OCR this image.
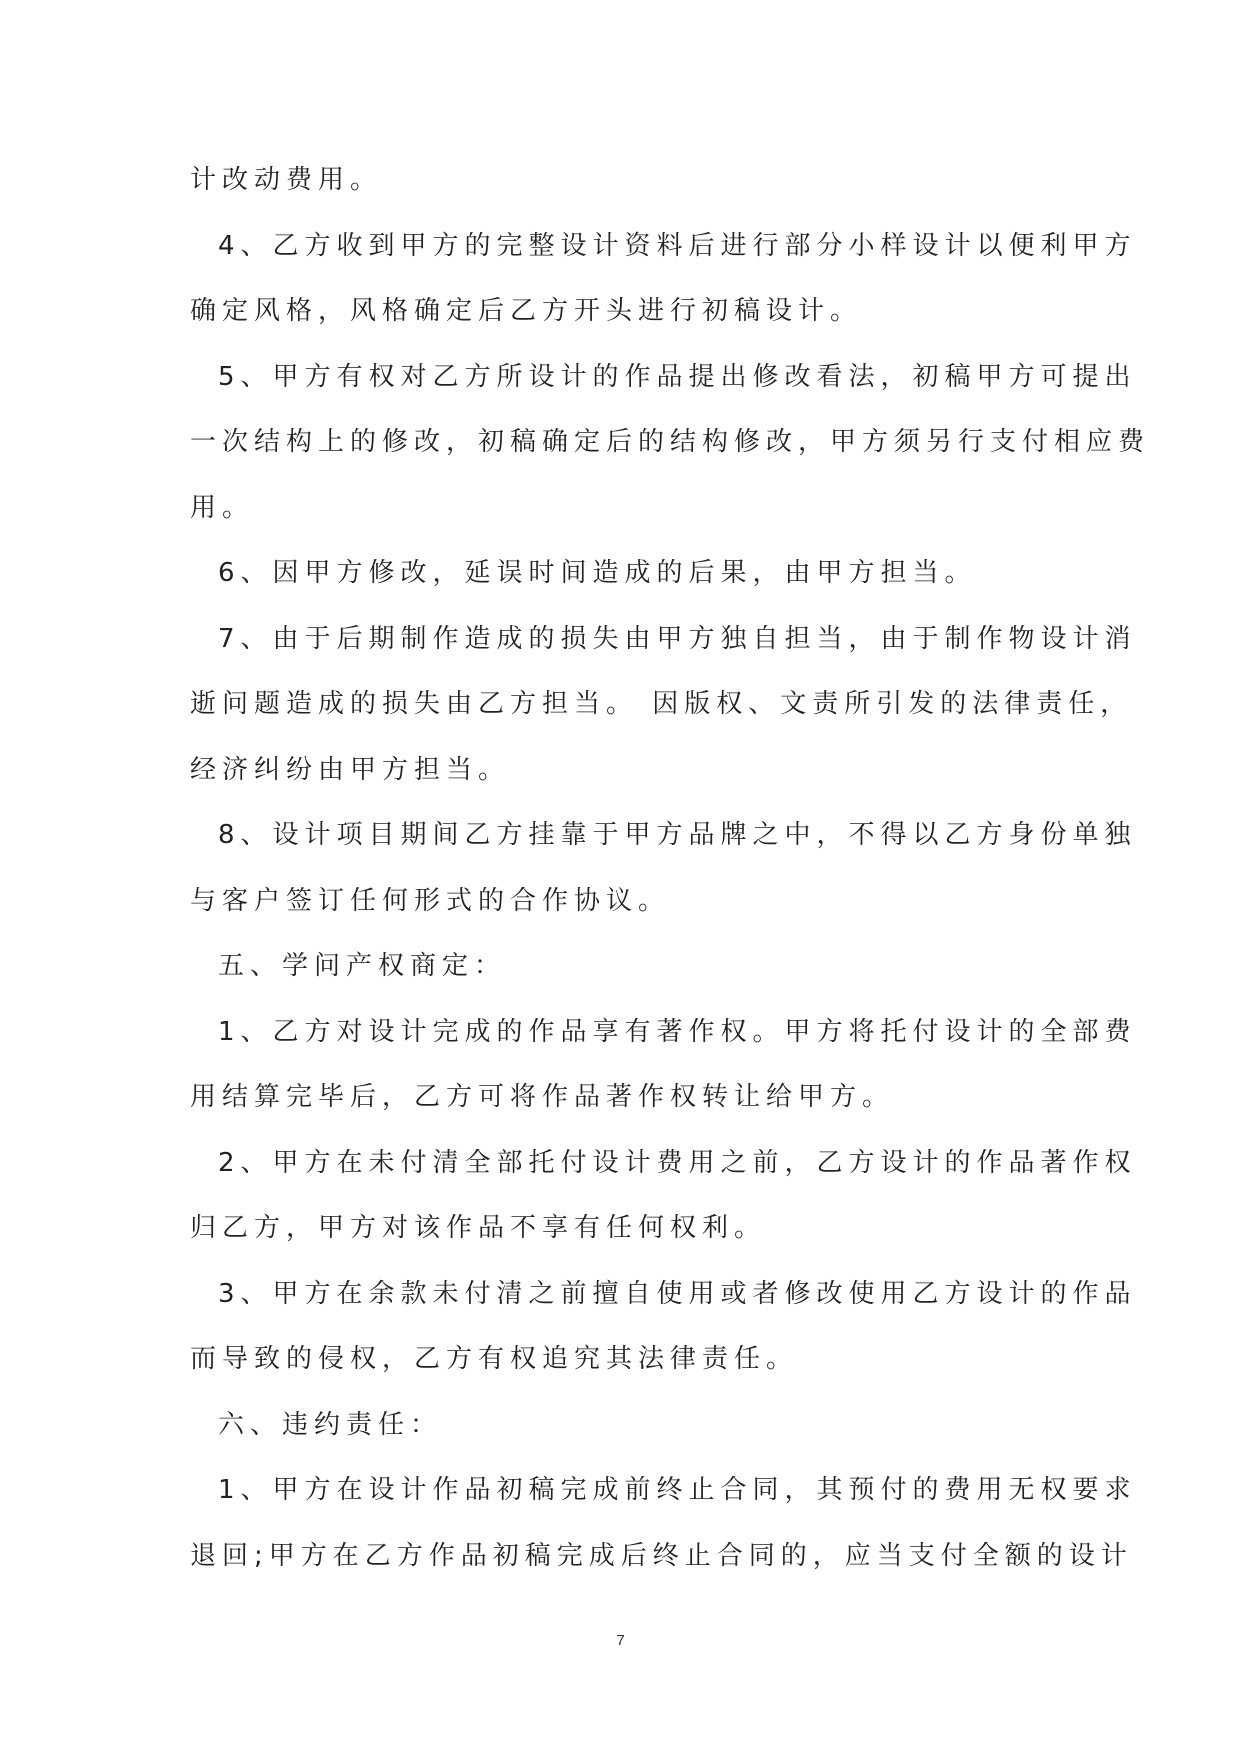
计改动费用。
4、乙方收到甲方的完整设计资料后进行部分小样设计以便利甲方
确定风格，风格确定后乙方开头进行初稿设计。
5、甲方有权对乙方所设计的作品提出修改看法，初稿甲方可提出
一次结构上的修改，初稿确定后的结构修改，甲方须另行支付相应费
用。
6、因甲方修改，延误时间造成的后果，由甲方担当。
7、由于后期制作造成的损失由甲方独自担当，由于制作物设计消
逝问题造成的损失由乙方担当。 因版权、文责所引发的法律责任，
经济纠纷由甲方担当。
8、设计项目期间乙方挂靠于甲方品牌之中，不得以乙方身份单独
与客户签订任何形式的合作协议。
五、学问产权商定：
1、乙方对设计完成的作品享有著作权。甲方将托付设计的全部费
用结算完毕后，乙方可将作品著作权转让给甲方。
2、甲方在未付清全部托付设计费用之前，乙方设计的作品著作权
归乙方，甲方对该作品不享有任何权利。
3、甲方在余款未付清之前擅自使用或者修改使用乙方设计的作品
而导致的侵权，乙方有权追究其法律责任。
六、违约责任：
1、甲方在设计作品初稿完成前终止合同，其预付的费用无权要求
退回;甲方在乙方作品初稿完成后终止合同的，应当支付全额的设计
7
